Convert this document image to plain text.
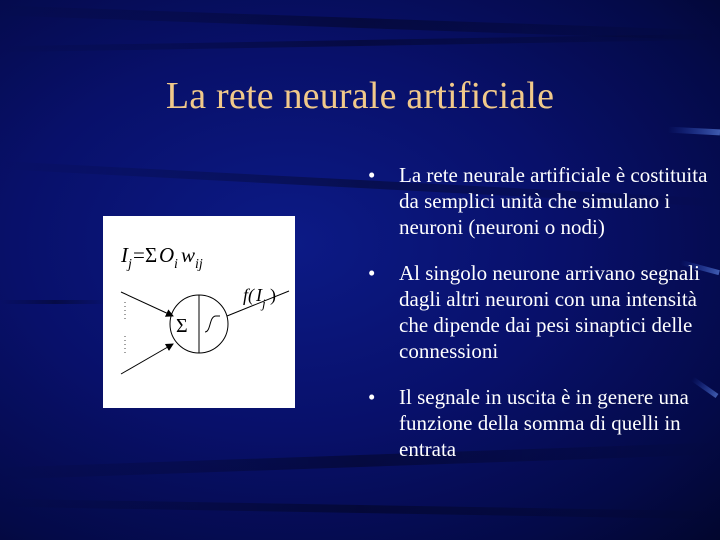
La rete neurale artificiale
I j = Σ O i w ij
Σ
f( I j )
• La rete neurale artificiale è costituita da semplici unità che simulano i neuroni (neuroni o nodi)
• Al singolo neurone arrivano segnali dagli altri neuroni con una intensità che dipende dai pesi sinaptici delle connessioni
• Il segnale in uscita è in genere una funzione della somma di quelli in entrata
